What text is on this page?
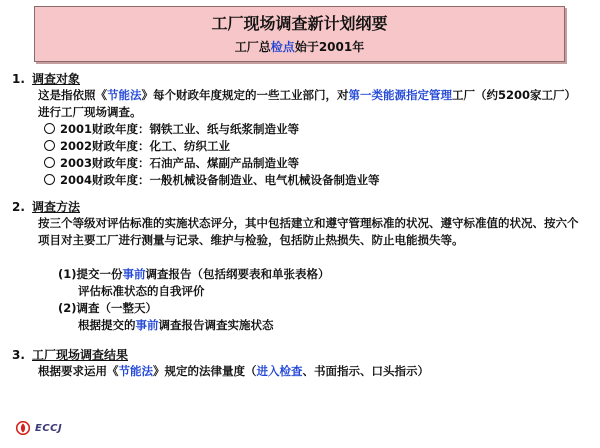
工厂现场调查新计划纲要
工厂总检点始于2001年
1. 调查对象
这是指依照《节能法》每个财政年度规定的一些工业部门，对第一类能源指定管理工厂（约5200家工厂）进行工厂现场调查。
2001财政年度：钢铁工业、纸与纸浆制造业等
2002财政年度：化工、纺织工业
2003财政年度：石油产品、煤副产品制造业等
2004财政年度：一般机械设备制造业、电气机械设备制造业等
2. 调查方法
按三个等级对评估标准的实施状态评分，其中包括建立和遵守管理标准的状况、遵守标准值的状况、按六个项目对主要工厂进行测量与记录、维护与检验，包括防止热损失、防止电能损失等。
(1)提交一份事前调查报告（包括纲要表和单张表格）
评估标准状态的自我评价
(2)调查（一整天）
根据提交的事前调查报告调查实施状态
3. 工厂现场调查结果
根据要求运用《节能法》规定的法律量度（进入检查、书面指示、口头指示）
ECCJ
